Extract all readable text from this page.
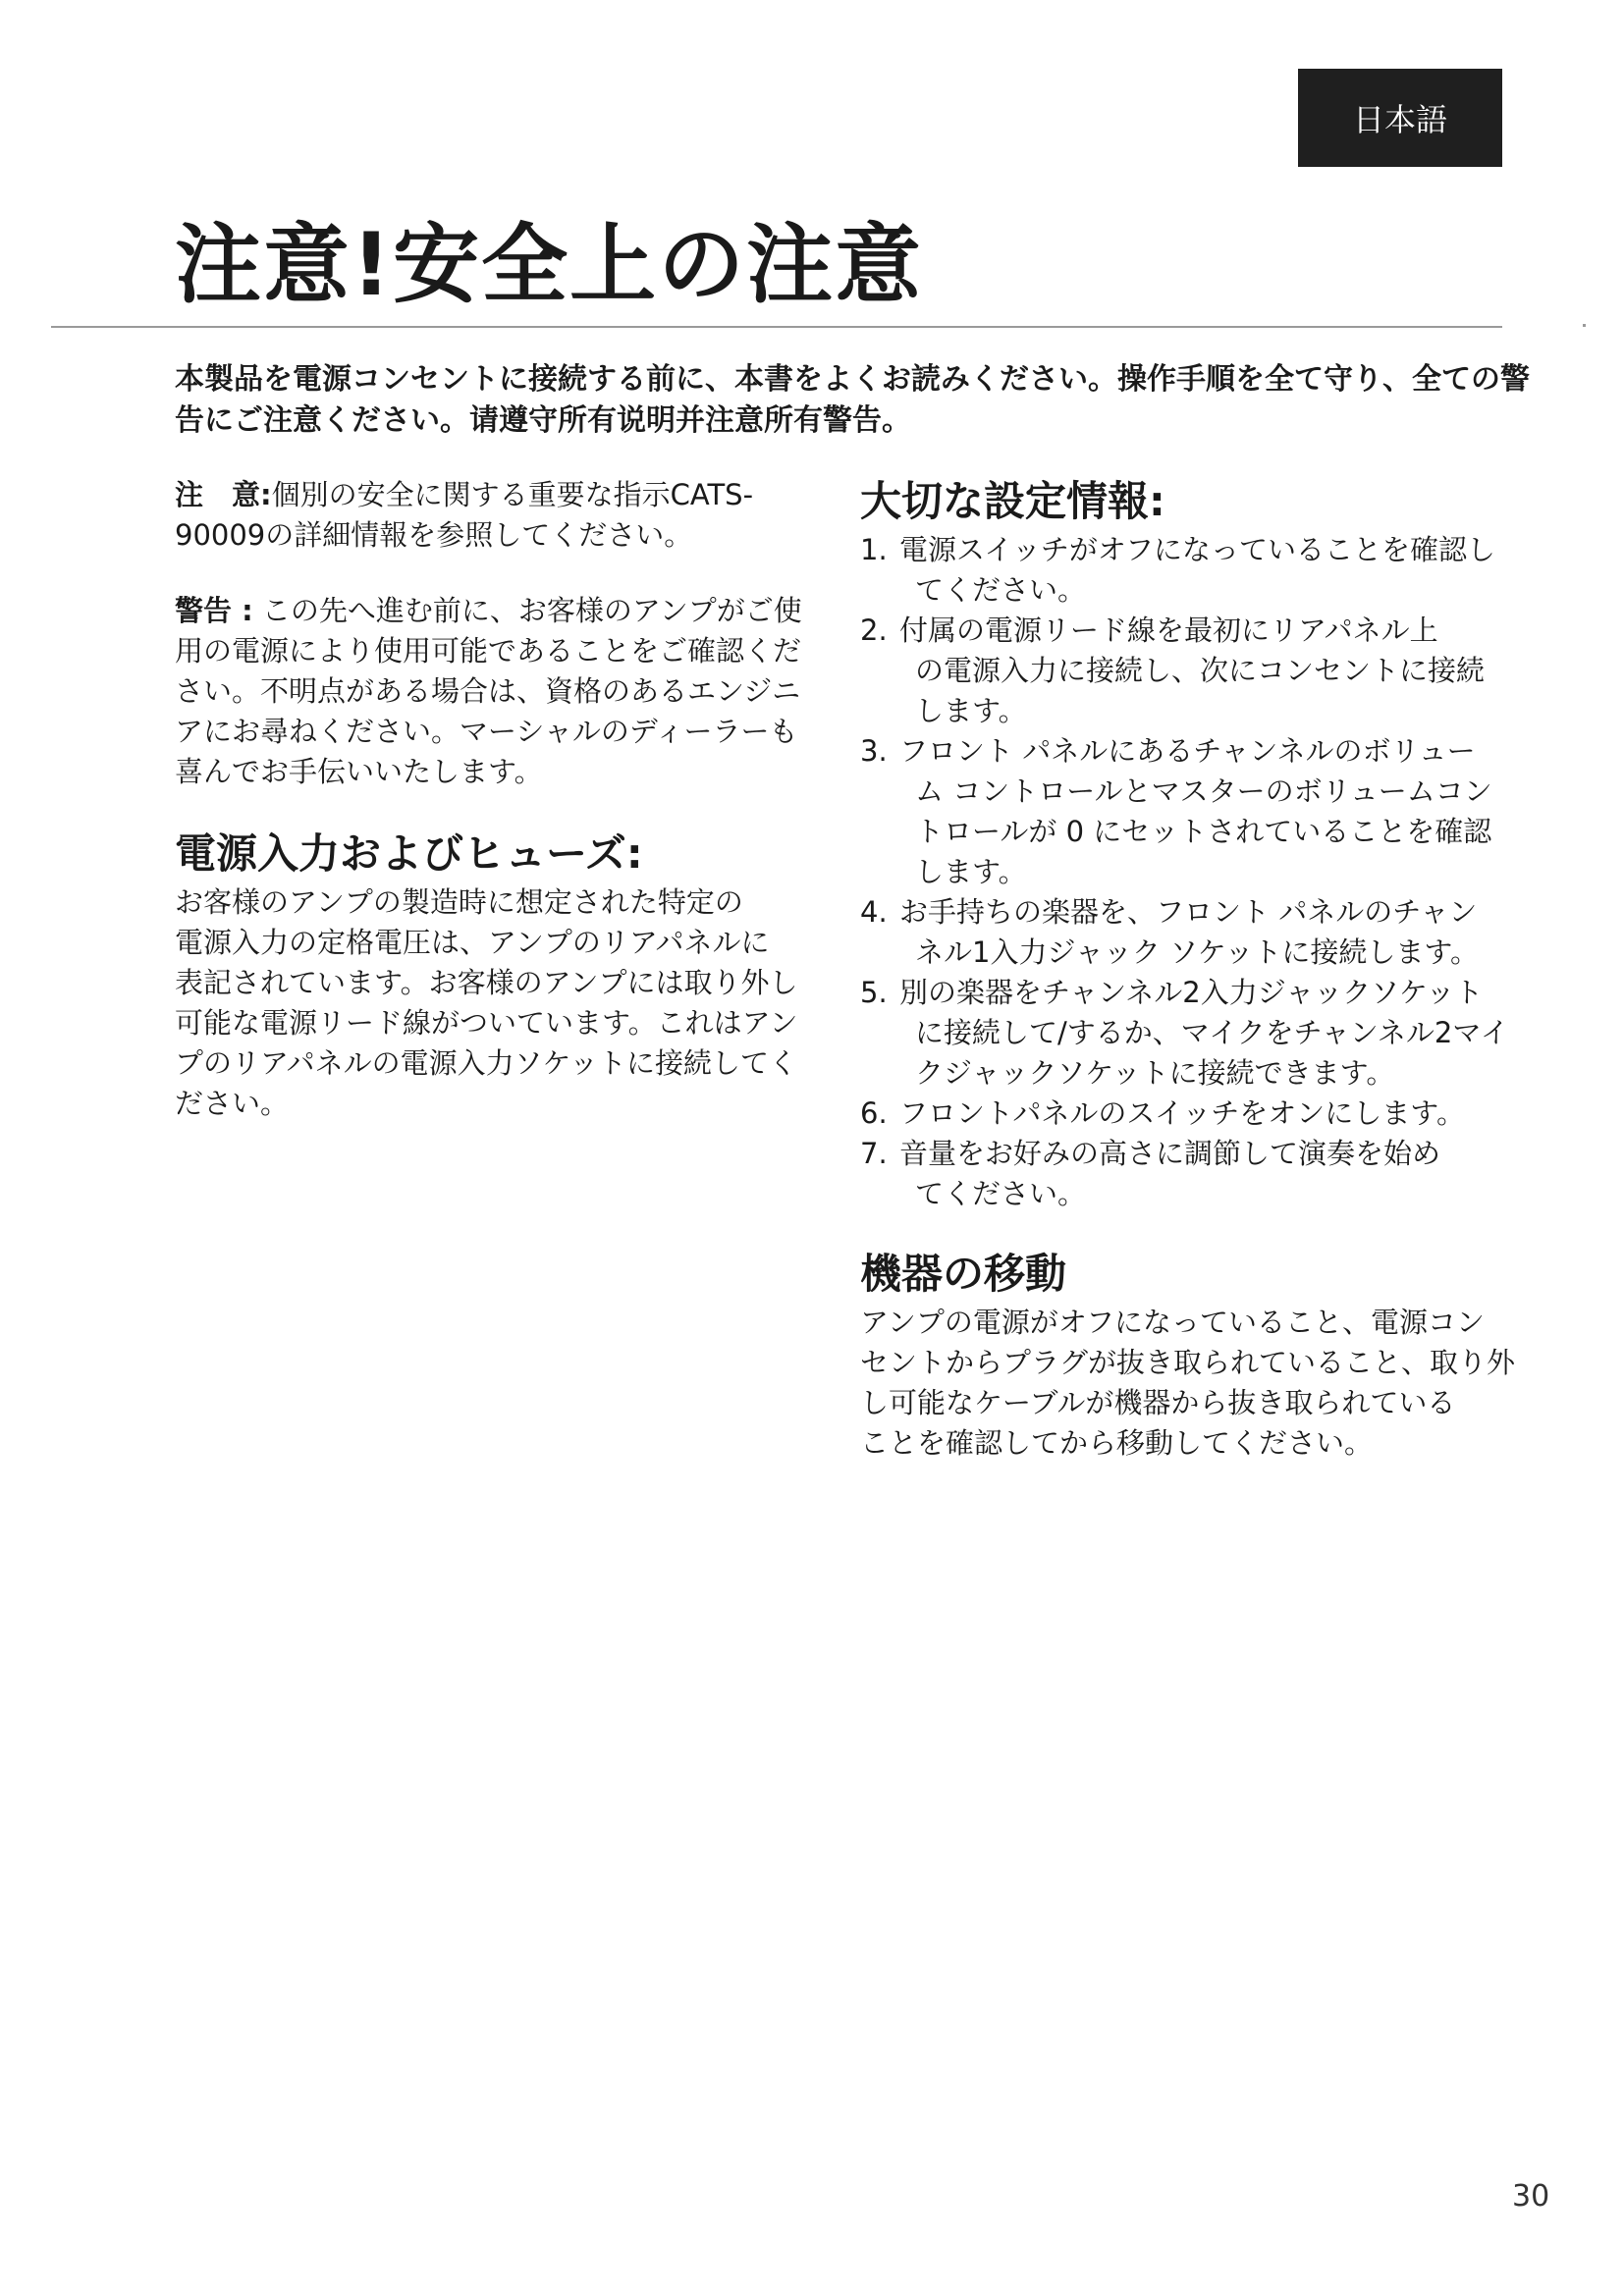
日本語
注意!安全上の注意

本製品を電源コンセントに接続する前に、本書をよくお読みください。操作手順を全て守り、全ての警
告にご注意ください。请遵守所有说明并注意所有警告。

注　意:個別の安全に関する重要な指示CATS-
90009の詳細情報を参照してください。

警告 : この先へ進む前に、お客様のアンプがご使
用の電源により使用可能であることをご確認くだ
さい。不明点がある場合は、資格のあるエンジニ
アにお尋ねください。マーシャルのディーラーも
喜んでお手伝いいたします。

電源入力およびヒューズ:

お客様のアンプの製造時に想定された特定の
電源入力の定格電圧は、アンプのリアパネルに
表記されています。お客様のアンプには取り外し
可能な電源リード線がついています。これはアン
プのリアパネルの電源入力ソケットに接続してく
ださい。

大切な設定情報:
1. 電源スイッチがオフになっていることを確認し
てください。
2. 付属の電源リード線を最初にリアパネル上
の電源入力に接続し、次にコンセントに接続
します。
3. フロント パネルにあるチャンネルのボリュー
ム コントロールとマスターのボリュームコン
トロールが 0 にセットされていることを確認
します。
4. お手持ちの楽器を、フロント パネルのチャン
ネル1入力ジャック ソケットに接続します。
5. 別の楽器をチャンネル2入力ジャックソケット
に接続して/するか、マイクをチャンネル2マイ
クジャックソケットに接続できます。
6. フロントパネルのスイッチをオンにします。
7. 音量をお好みの高さに調節して演奏を始め
てください。
機器の移動

アンプの電源がオフになっていること、電源コン
セントからプラグが抜き取られていること、取り外
し可能なケーブルが機器から抜き取られている
ことを確認してから移動してください。

30
